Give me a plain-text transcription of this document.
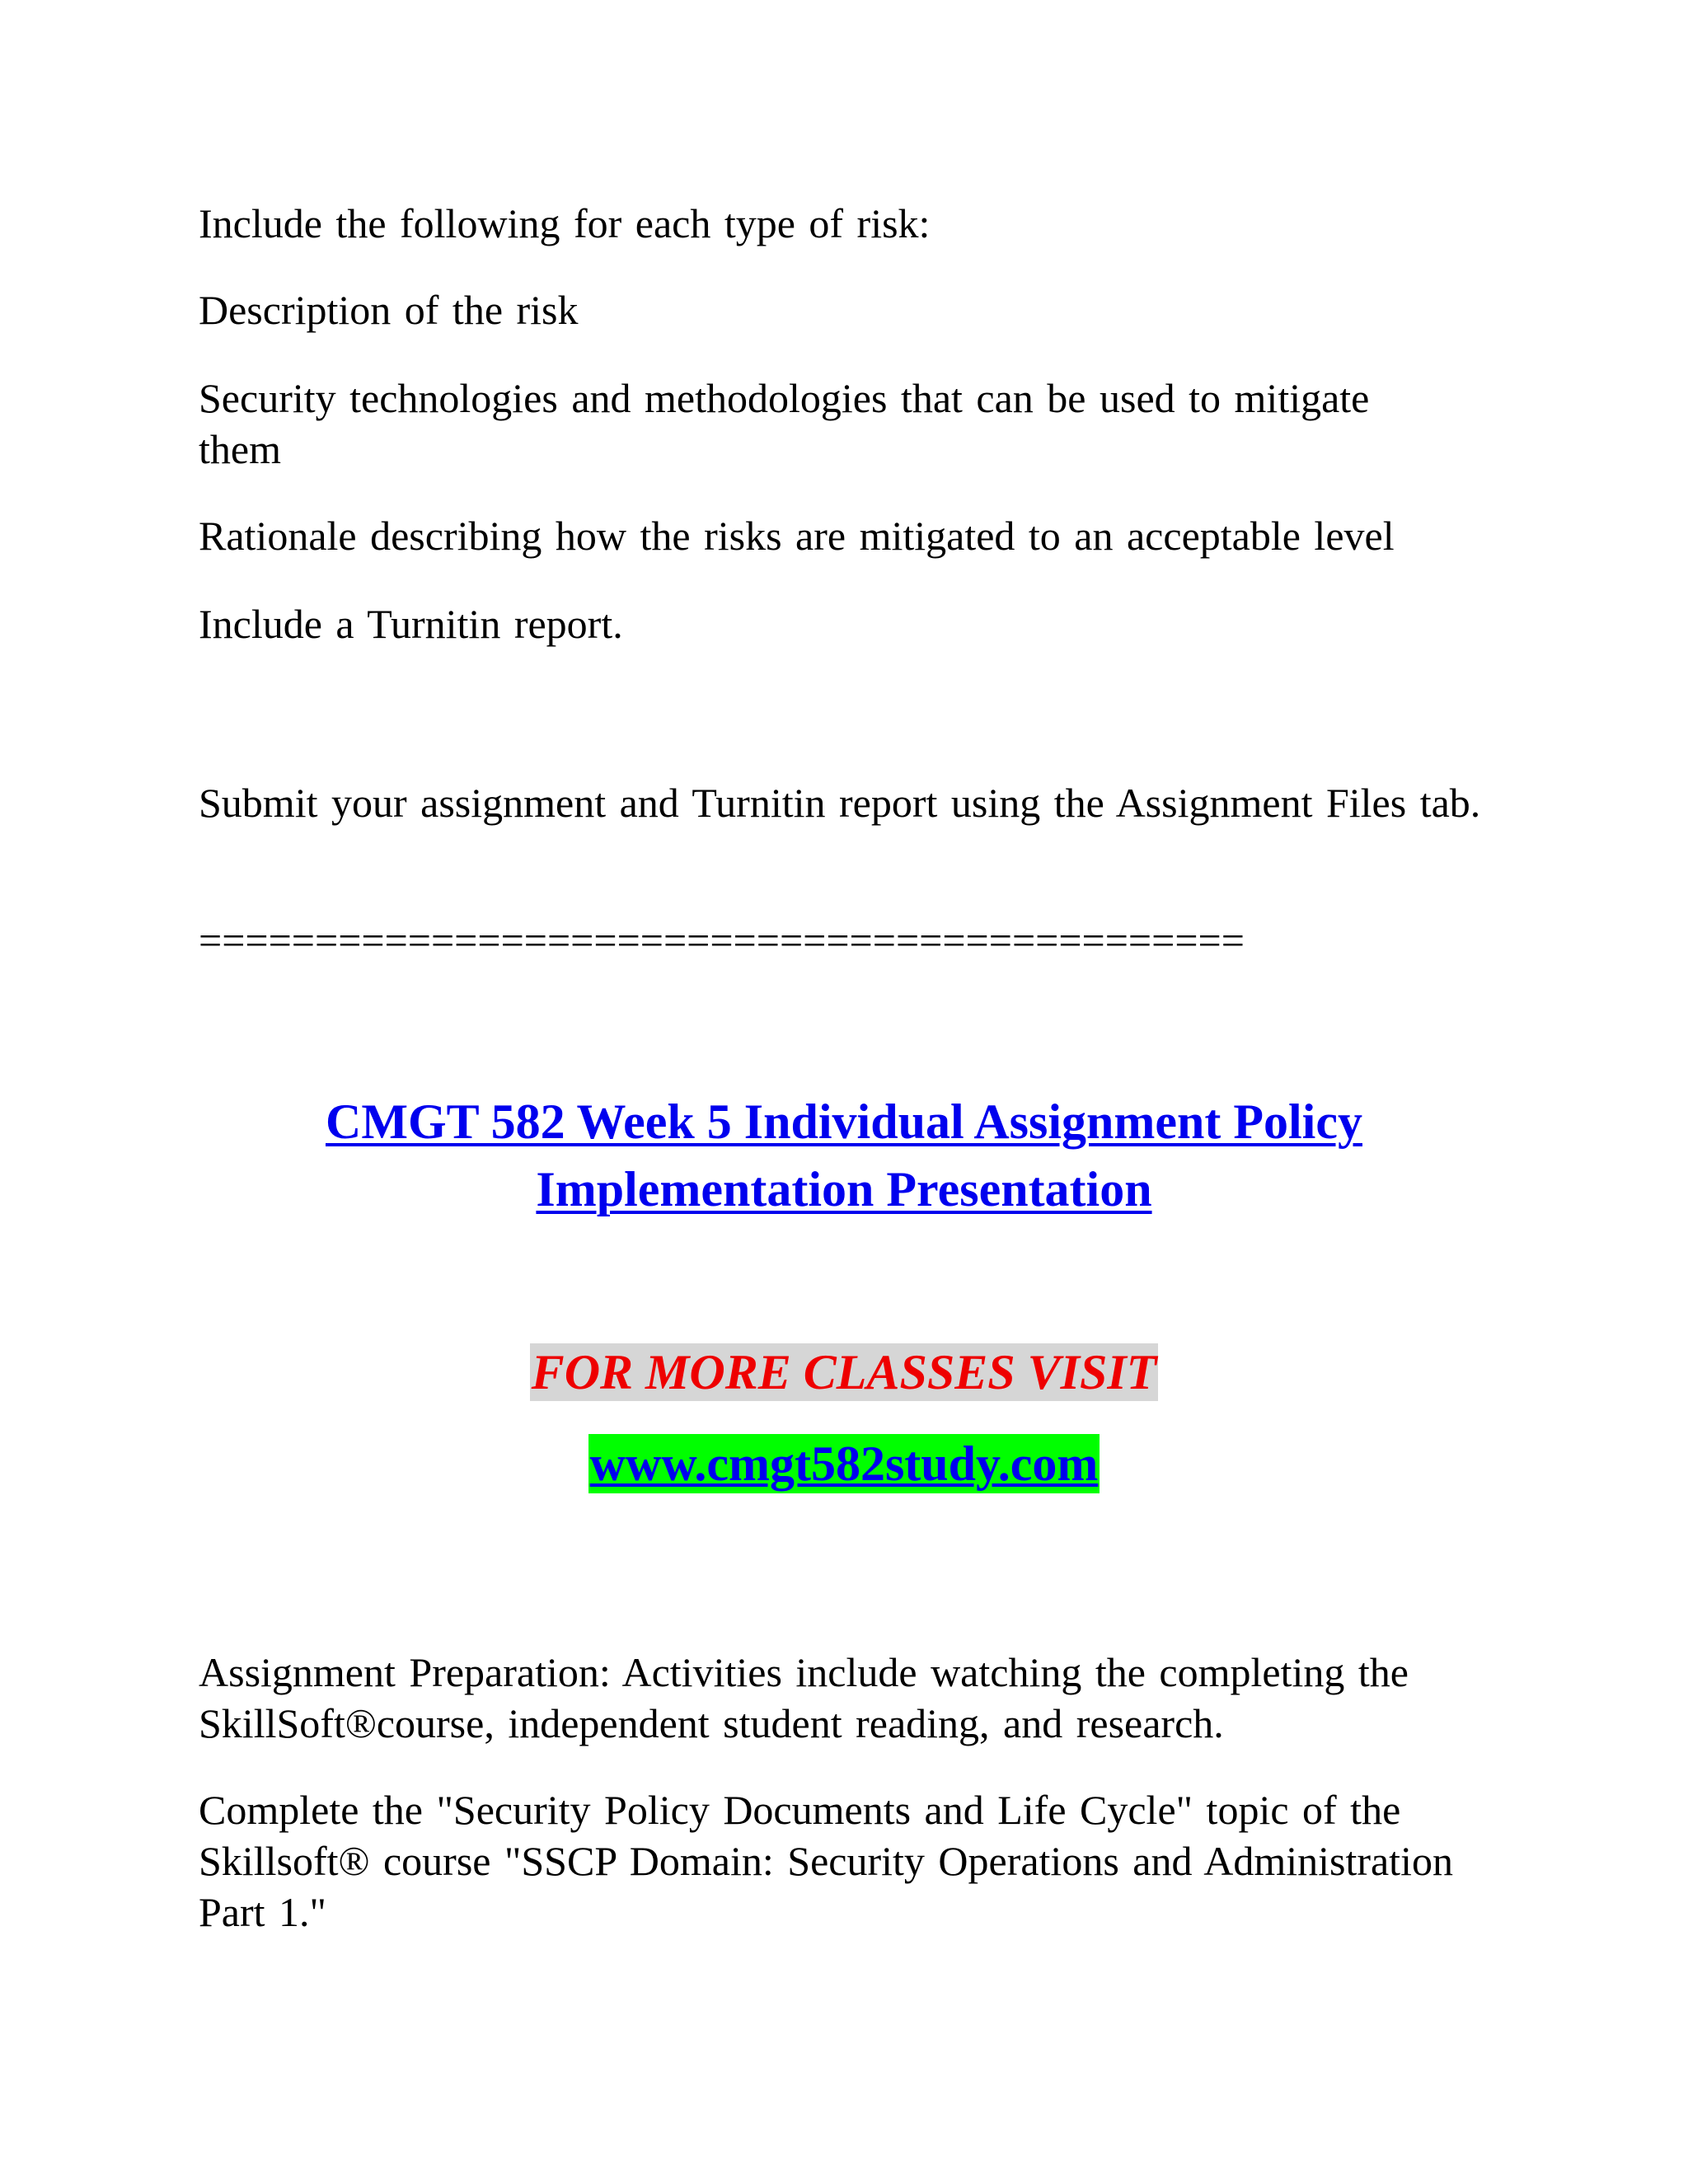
Include the following for each type of risk:

Description of the risk

Security technologies and methodologies that can be used to mitigate them

Rationale describing how the risks are mitigated to an acceptable level

Include a Turnitin report.

Submit your assignment and Turnitin report using the Assignment Files tab.

=============================================
CMGT 582 Week 5 Individual Assignment Policy
Implementation Presentation
FOR MORE CLASSES VISIT
www.cmgt582study.com

Assignment Preparation: Activities include watching the completing the SkillSoft®course, independent student reading, and research.

Complete the "Security Policy Documents and Life Cycle" topic of the Skillsoft® course "SSCP Domain: Security Operations and Administration Part 1."
